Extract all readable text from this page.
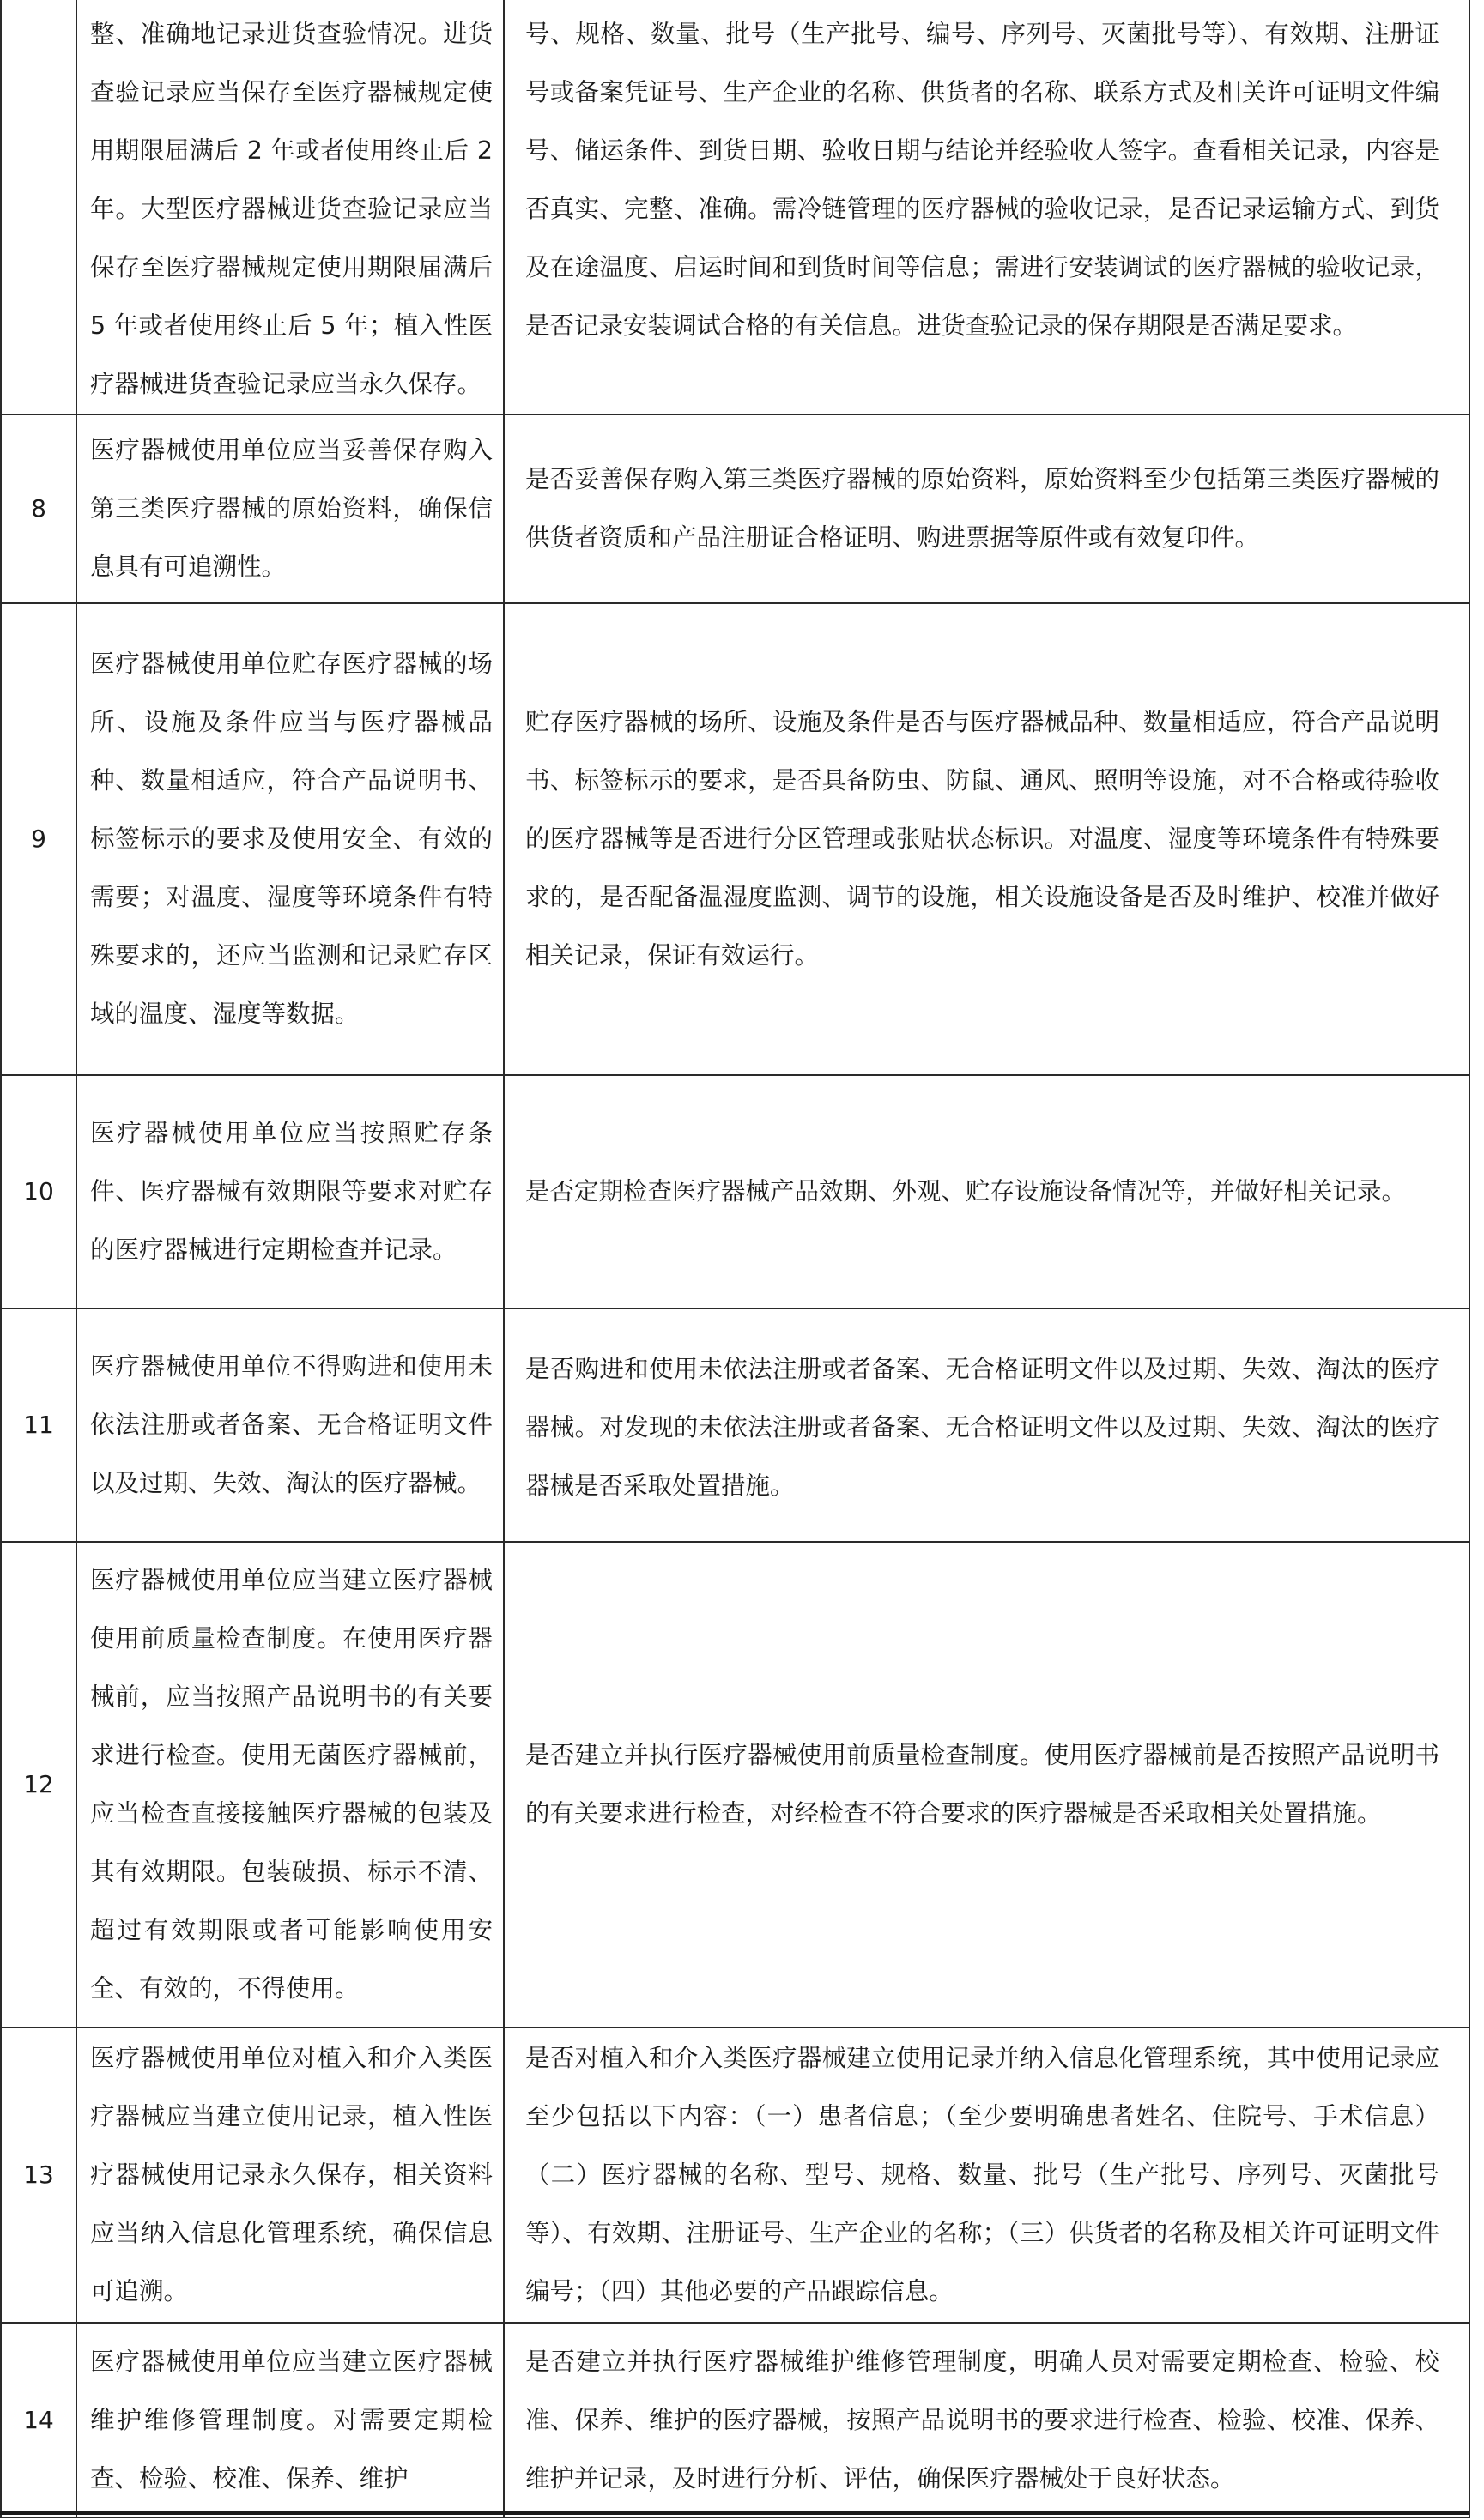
	整、准确地记录进货查验情况。进货查验记录应当保存至医疗器械规定使用期限届满后 2 年或者使用终止后 2 年。大型医疗器械进货查验记录应当保存至医疗器械规定使用期限届满后 5 年或者使用终止后 5 年；植入性医疗器械进货查验记录应当永久保存。	号、规格、数量、批号（生产批号、编号、序列号、灭菌批号等）、有效期、注册证号或备案凭证号、生产企业的名称、供货者的名称、联系方式及相关许可证明文件编号、储运条件、到货日期、验收日期与结论并经验收人签字。查看相关记录，内容是否真实、完整、准确。需冷链管理的医疗器械的验收记录，是否记录运输方式、到货及在途温度、启运时间和到货时间等信息；需进行安装调试的医疗器械的验收记录，是否记录安装调试合格的有关信息。进货查验记录的保存期限是否满足要求。
8	医疗器械使用单位应当妥善保存购入第三类医疗器械的原始资料，确保信息具有可追溯性。	是否妥善保存购入第三类医疗器械的原始资料，原始资料至少包括第三类医疗器械的供货者资质和产品注册证合格证明、购进票据等原件或有效复印件。
9	医疗器械使用单位贮存医疗器械的场所、设施及条件应当与医疗器械品种、数量相适应，符合产品说明书、标签标示的要求及使用安全、有效的需要；对温度、湿度等环境条件有特殊要求的，还应当监测和记录贮存区域的温度、湿度等数据。	贮存医疗器械的场所、设施及条件是否与医疗器械品种、数量相适应，符合产品说明书、标签标示的要求，是否具备防虫、防鼠、通风、照明等设施，对不合格或待验收的医疗器械等是否进行分区管理或张贴状态标识。对温度、湿度等环境条件有特殊要求的，是否配备温湿度监测、调节的设施，相关设施设备是否及时维护、校准并做好相关记录，保证有效运行。
10	医疗器械使用单位应当按照贮存条件、医疗器械有效期限等要求对贮存的医疗器械进行定期检查并记录。	是否定期检查医疗器械产品效期、外观、贮存设施设备情况等，并做好相关记录。
11	医疗器械使用单位不得购进和使用未依法注册或者备案、无合格证明文件以及过期、失效、淘汰的医疗器械。	是否购进和使用未依法注册或者备案、无合格证明文件以及过期、失效、淘汰的医疗器械。对发现的未依法注册或者备案、无合格证明文件以及过期、失效、淘汰的医疗器械是否采取处置措施。
12	医疗器械使用单位应当建立医疗器械使用前质量检查制度。在使用医疗器械前，应当按照产品说明书的有关要求进行检查。使用无菌医疗器械前，应当检查直接接触医疗器械的包装及其有效期限。包装破损、标示不清、超过有效期限或者可能影响使用安全、有效的，不得使用。	是否建立并执行医疗器械使用前质量检查制度。使用医疗器械前是否按照产品说明书的有关要求进行检查，对经检查不符合要求的医疗器械是否采取相关处置措施。
13	医疗器械使用单位对植入和介入类医疗器械应当建立使用记录，植入性医疗器械使用记录永久保存，相关资料应当纳入信息化管理系统，确保信息可追溯。	是否对植入和介入类医疗器械建立使用记录并纳入信息化管理系统，其中使用记录应至少包括以下内容：（一）患者信息；（至少要明确患者姓名、住院号、手术信息）（二）医疗器械的名称、型号、规格、数量、批号（生产批号、序列号、灭菌批号等）、有效期、注册证号、生产企业的名称；（三）供货者的名称及相关许可证明文件编号；（四）其他必要的产品跟踪信息。
14	医疗器械使用单位应当建立医疗器械维护维修管理制度。对需要定期检查、检验、校准、保养、维护	是否建立并执行医疗器械维护维修管理制度，明确人员对需要定期检查、检验、校准、保养、维护的医疗器械，按照产品说明书的要求进行检查、检验、校准、保养、维护并记录，及时进行分析、评估，确保医疗器械处于良好状态。
